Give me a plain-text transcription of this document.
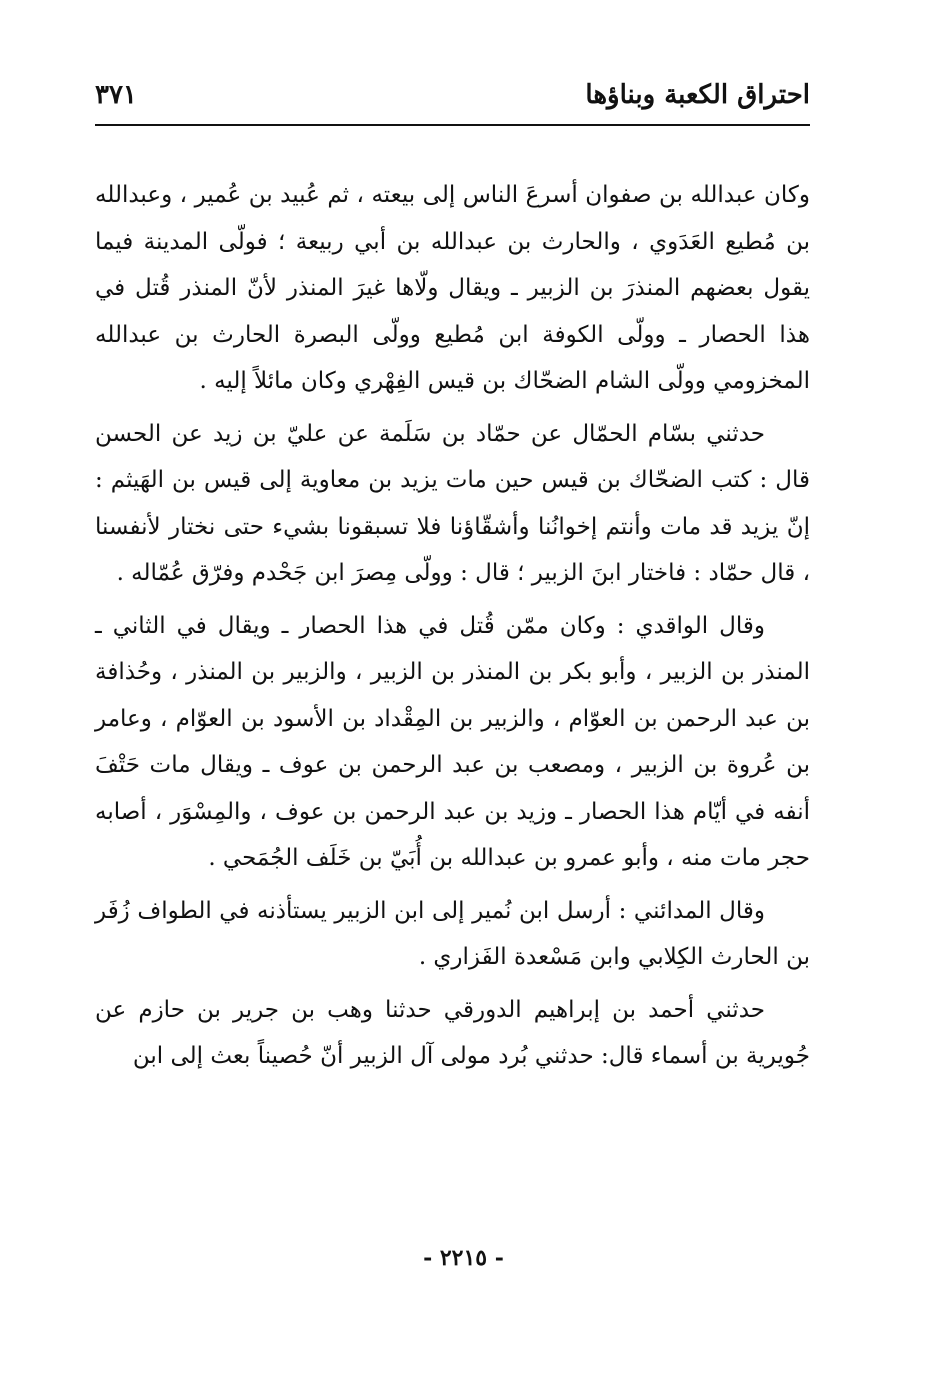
احتراق الكعبة وبناؤها
٣٧١

وكان عبدالله بن صفوان أسرعَ الناس إلى بيعته ، ثم عُبيد بن عُمير ، وعبدالله بن مُطيع العَدَوي ، والحارث بن عبدالله بن أبي ربيعة ؛ فولّى المدينة فيما يقول بعضهم المنذرَ بن الزبير ـ ويقال ولّاها غيرَ المنذر لأنّ المنذر قُتل في هذا الحصار ـ وولّى الكوفة ابن مُطيع وولّى البصرة الحارث بن عبدالله المخزومي وولّى الشام الضحّاك بن قيس الفِهْري وكان مائلاً إليه .

حدثني بسّام الحمّال عن حمّاد بن سَلَمة عن عليّ بن زيد عن الحسن قال : كتب الضحّاك بن قيس حين مات يزيد بن معاوية إلى قيس بن الهَيثم : إنّ يزيد قد مات وأنتم إخوانُنا وأشقّاؤنا فلا تسبقونا بشيء حتى نختار لأنفسنا ، قال حمّاد : فاختار ابنَ الزبير ؛ قال : وولّى مِصرَ ابن جَحْدم وفرّق عُمّاله .

وقال الواقدي : وكان ممّن قُتل في هذا الحصار ـ ويقال في الثاني ـ المنذر بن الزبير ، وأبو بكر بن المنذر بن الزبير ، والزبير بن المنذر ، وحُذافة بن عبد الرحمن بن العوّام ، والزبير بن المِقْداد بن الأسود بن العوّام ، وعامر بن عُروة بن الزبير ، ومصعب بن عبد الرحمن بن عوف ـ ويقال مات حَتْفَ أنفه في أيّام هذا الحصار ـ وزيد بن عبد الرحمن بن عوف ، والمِسْوَر ، أصابه حجر مات منه ، وأبو عمرو بن عبدالله بن أُبَيّ بن خَلَف الجُمَحي .

وقال المدائني : أرسل ابن نُمير إلى ابن الزبير يستأذنه في الطواف زُفَر بن الحارث الكِلابي وابن مَسْعدة الفَزاري .

حدثني أحمد بن إبراهيم الدورقي حدثنا وهب بن جرير بن حازم عن جُويرية بن أسماء قال: حدثني بُرد مولى آل الزبير أنّ حُصيناً بعث إلى ابن

- ٢٢١٥ -
